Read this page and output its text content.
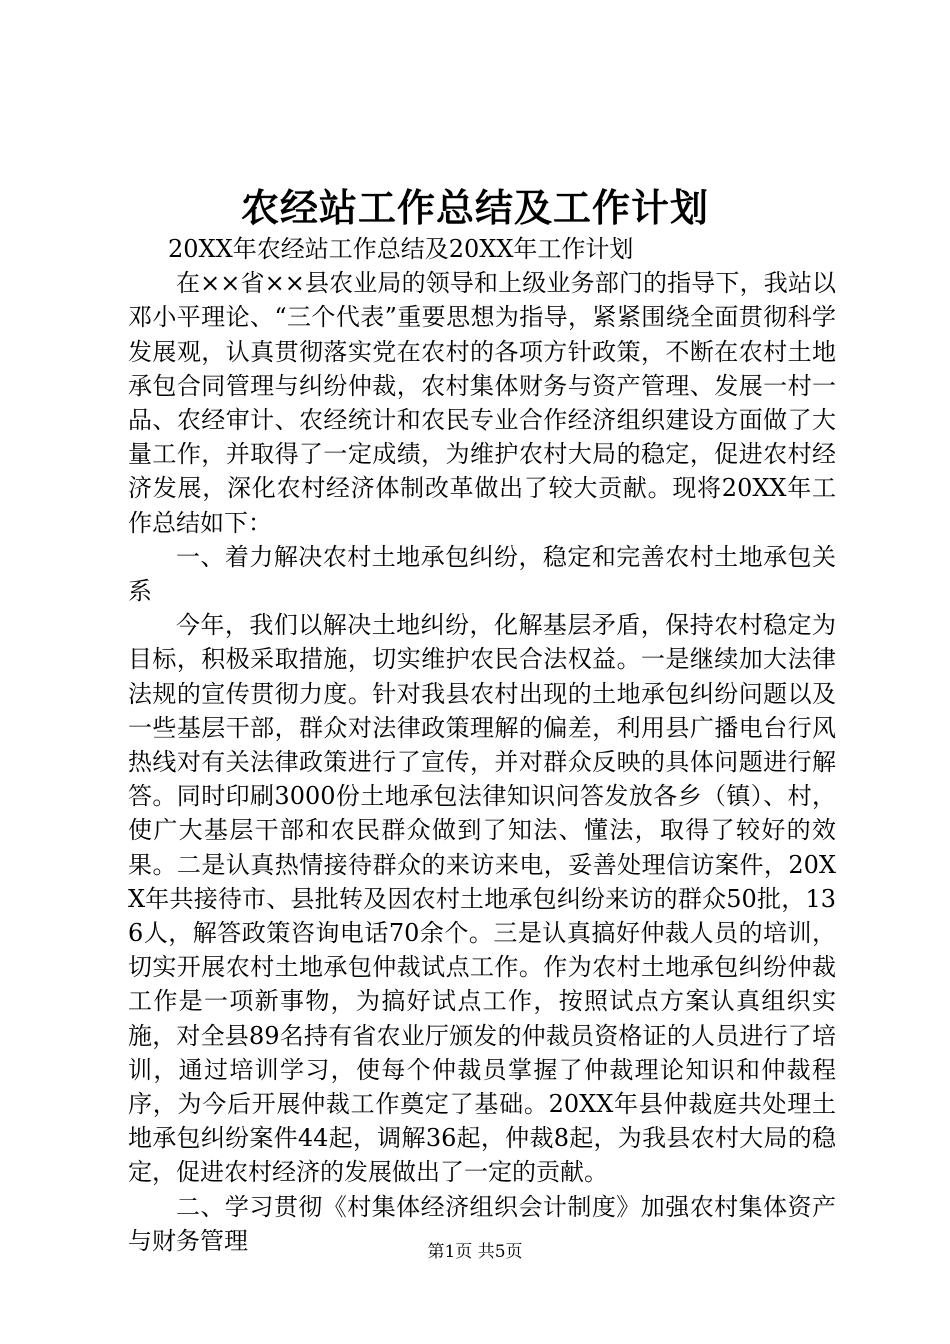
农经站工作总结及工作计划

20XX年农经站工作总结及20XX年工作计划

在××省××县农业局的领导和上级业务部门的指导下，我站以邓小平理论、“三个代表”重要思想为指导，紧紧围绕全面贯彻科学发展观，认真贯彻落实党在农村的各项方针政策，不断在农村土地承包合同管理与纠纷仲裁，农村集体财务与资产管理、发展一村一品、农经审计、农经统计和农民专业合作经济组织建设方面做了大量工作，并取得了一定成绩，为维护农村大局的稳定，促进农村经济发展，深化农村经济体制改革做出了较大贡献。现将20XX年工作总结如下：

一、着力解决农村土地承包纠纷，稳定和完善农村土地承包关系

今年，我们以解决土地纠纷，化解基层矛盾，保持农村稳定为目标，积极采取措施，切实维护农民合法权益。一是继续加大法律法规的宣传贯彻力度。针对我县农村出现的土地承包纠纷问题以及一些基层干部，群众对法律政策理解的偏差，利用县广播电台行风热线对有关法律政策进行了宣传，并对群众反映的具体问题进行解答。同时印刷3000份土地承包法律知识问答发放各乡（镇）、村，使广大基层干部和农民群众做到了知法、懂法，取得了较好的效果。二是认真热情接待群众的来访来电，妥善处理信访案件，20XX年共接待市、县批转及因农村土地承包纠纷来访的群众50批，136人，解答政策咨询电话70余个。三是认真搞好仲裁人员的培训，切实开展农村土地承包仲裁试点工作。作为农村土地承包纠纷仲裁工作是一项新事物，为搞好试点工作，按照试点方案认真组织实施，对全县89名持有省农业厅颁发的仲裁员资格证的人员进行了培训，通过培训学习，使每个仲裁员掌握了仲裁理论知识和仲裁程序，为今后开展仲裁工作奠定了基础。20XX年县仲裁庭共处理土地承包纠纷案件44起，调解36起，仲裁8起，为我县农村大局的稳定，促进农村经济的发展做出了一定的贡献。

二、学习贯彻《村集体经济组织会计制度》加强农村集体资产与财务管理	第1页 共5页
